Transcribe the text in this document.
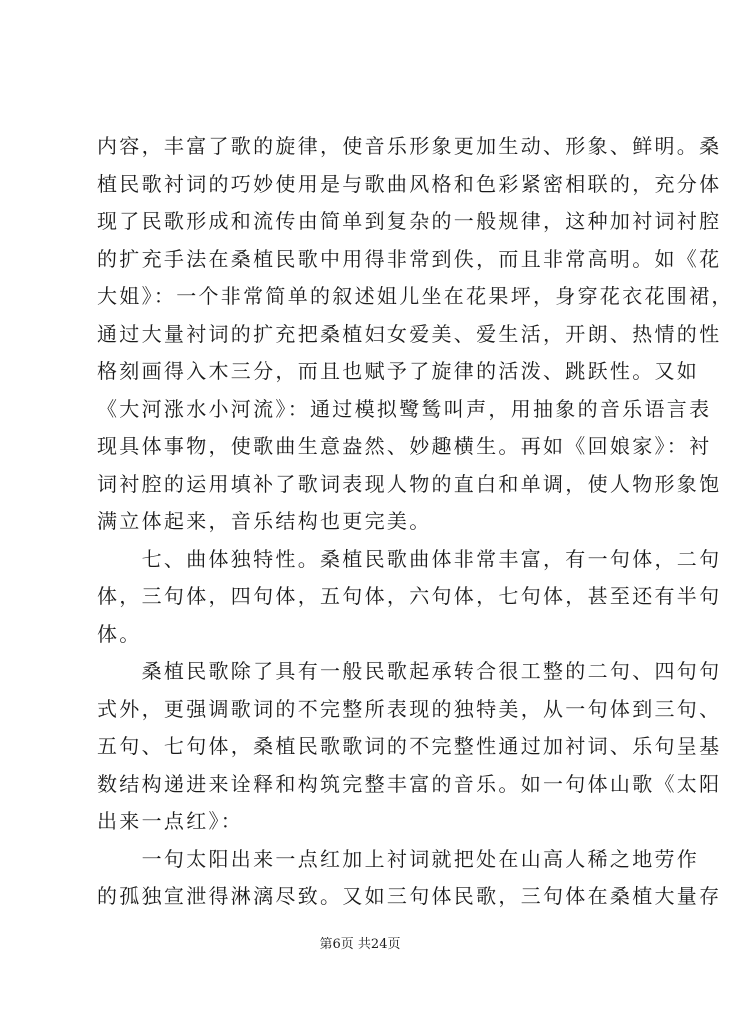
内容，丰富了歌的旋律，使音乐形象更加生动、形象、鲜明。桑
植民歌衬词的巧妙使用是与歌曲风格和色彩紧密相联的，充分体
现了民歌形成和流传由简单到复杂的一般规律，这种加衬词衬腔
的扩充手法在桑植民歌中用得非常到佚，而且非常高明。如《花
大姐》：一个非常简单的叙述姐儿坐在花果坪，身穿花衣花围裙，
通过大量衬词的扩充把桑植妇女爱美、爱生活，开朗、热情的性
格刻画得入木三分，而且也赋予了旋律的活泼、跳跃性。又如
《大河涨水小河流》：通过模拟鹭鸶叫声，用抽象的音乐语言表
现具体事物，使歌曲生意盎然、妙趣横生。再如《回娘家》：衬
词衬腔的运用填补了歌词表现人物的直白和单调，使人物形象饱
满立体起来，音乐结构也更完美。
　　七、曲体独特性。桑植民歌曲体非常丰富，有一句体，二句
体，三句体，四句体，五句体，六句体，七句体，甚至还有半句
体。
　　桑植民歌除了具有一般民歌起承转合很工整的二句、四句句
式外，更强调歌词的不完整所表现的独特美，从一句体到三句、
五句、七句体，桑植民歌歌词的不完整性通过加衬词、乐句呈基
数结构递进来诠释和构筑完整丰富的音乐。如一句体山歌《太阳
出来一点红》：
　　一句太阳出来一点红加上衬词就把处在山高人稀之地劳作
的孤独宣泄得淋漓尽致。又如三句体民歌，三句体在桑植大量存
第6页 共24页
